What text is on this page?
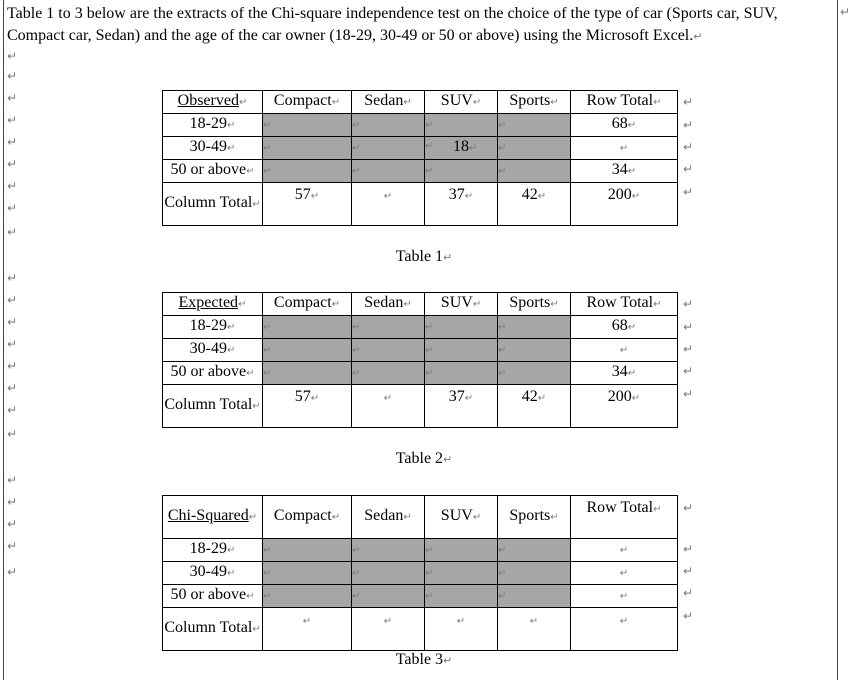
Table 1 to 3 below are the extracts of the Chi-square independence test on the choice of the type of car (Sports car, SUV, Compact car, Sedan) and the age of the car owner (18-29, 30-49 or 50 or above) using the Microsoft Excel.↵
↵
↵
↵
↵
↵
↵
↵
↵
↵
↵
↵
↵
↵
↵
↵
↵
↵
↵
↵
↵
↵
↵
↵
↵
↵
↵
↵
↵
↵
↵
↵
↵
↵
↵
↵
↵
↵
↵
Observed↵	Compact↵	Sedan↵	SUV↵	Sports↵	Row Total↵
18-29↵	↵	↵	↵	↵	68↵
30-49↵	↵	↵	↵ 18↵	↵	↵
50 or above↵	↵	↵	↵	↵	34↵
Column Total↵	57↵	↵	37↵	42↵	200↵
Table 1↵
Expected↵	Compact↵	Sedan↵	SUV↵	Sports↵	Row Total↵
18-29↵	↵	↵	↵	↵	68↵
30-49↵	↵	↵	↵	↵	↵
50 or above↵	↵	↵	↵	↵	34↵
Column Total↵	57↵	↵	37↵	42↵	200↵
Table 2↵
Chi-Squared↵	Compact↵	Sedan↵	SUV↵	Sports↵	Row Total↵
18-29↵	↵	↵	↵	↵	↵
30-49↵	↵	↵	↵	↵	↵
50 or above↵	↵	↵	↵	↵	↵
Column Total↵	↵	↵	↵	↵	↵
Table 3↵
